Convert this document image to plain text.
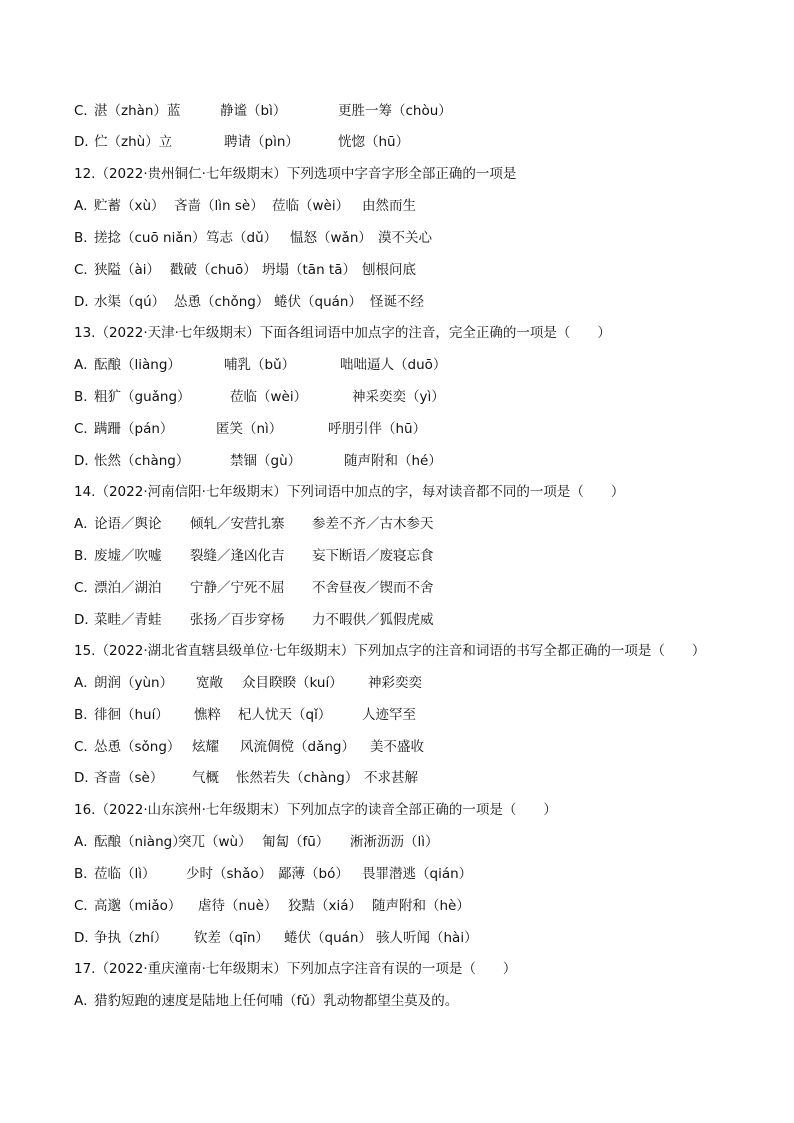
C．
湛（zhàn）蓝	静谧（bì）	更胜一筹（chòu）
D．
伫（zhù）立	聘请（pìn）	恍惚（hū）
12.（2022·贵州铜仁·七年级期末）下列选项中字音字形全部正确的一项是
A．
贮蓄（xù） 吝啬（lìn sè） 莅临（wèi） 由然而生
B．
搓捻（cuō niǎn） 笃志（dǔ） 愠怒（wǎn） 漠不关心
C．
狭隘（ài） 戳破（chuō） 坍塌（tān tā） 刨根问底
D．
水渠（qú） 怂恿（chǒng） 蜷伏（quán） 怪诞不经
13.（2022·天津·七年级期末）下面各组词语中加点字的注音，完全正确的一项是（　　）
A．
酝酿（liàng）	哺乳（bǔ）	咄咄逼人（duō）
B．
粗犷（guǎng）	莅临（wèi）	神采奕奕（yì）
C．
蹒跚（pán）	匿笑（nì）	呼朋引伴（hū）
D．
怅然（chàng）	禁锢（gù）	随声附和（hé）
14.（2022·河南信阳·七年级期末）下列词语中加点的字，每对读音都不同的一项是（　　）
A．
论语／舆论 倾轧／安营扎寨 参差不齐／古木参天
B．
废墟／吹嘘 裂缝／逢凶化吉 妄下断语／废寝忘食
C．
漂泊／湖泊 宁静／宁死不屈 不舍昼夜／锲而不舍
D．
菜畦／青蛙 张扬／百步穿杨 力不暇供／狐假虎威
15.（2022·湖北省直辖县级单位·七年级期末）下列加点字的注音和词语的书写全都正确的一项是（　　）
A．
朗润（yùn） 宽敞 众目睽睽（kuí） 神彩奕奕
B．
徘徊（huí） 憔粹 杞人忧天（qǐ） 人迹罕至
C．
怂恿（sǒng） 炫耀 风流倜傥（dǎng） 美不盛收
D．
吝啬（sè） 气概 怅然若失（chàng） 不求甚解
16.（2022·山东滨州·七年级期末）下列加点字的读音全部正确的一项是（　　）
A．
酝酿（niàng）
突兀（wù） 匍匐（fū） 淅淅沥沥（lì）
B．
莅临（lì） 少时（shǎo） 鄙薄（bó） 畏罪潜逃（qián）
C．
高邈（miǎo） 虐待（nuè） 狡黠（xiá） 随声附和（hè）
D．
争执（zhí） 钦差（qīn） 蜷伏（quán） 骇人听闻（hài）
17.（2022·重庆潼南·七年级期末）下列加点字注音有误的一项是（　　）
A．
猎豹短跑的速度是陆地上任何哺（fǔ）乳动物都望尘莫及的。
